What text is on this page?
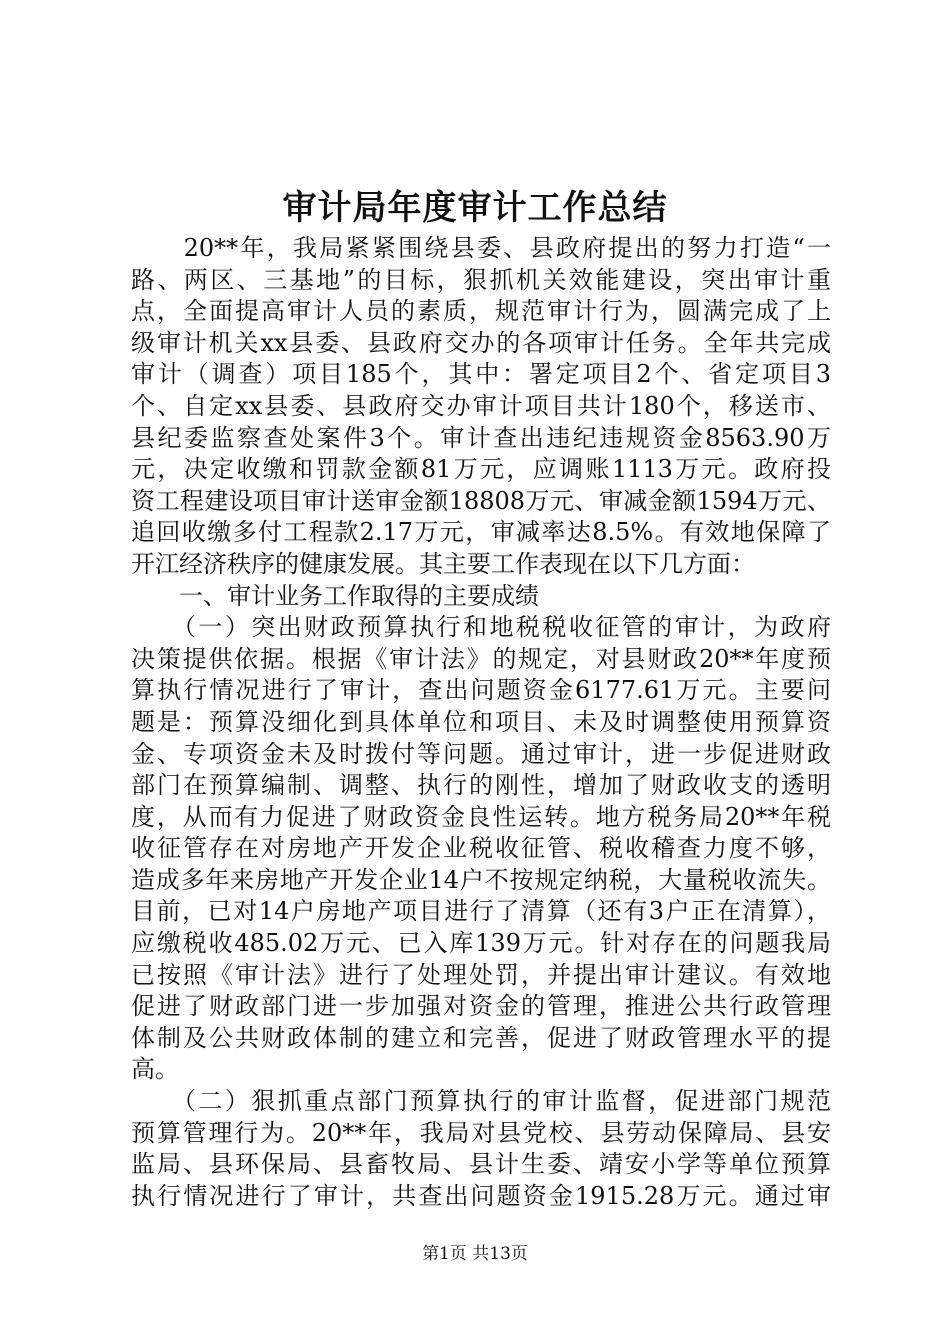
审计局年度审计工作总结
　　20**年，我局紧紧围绕县委、县政府提出的努力打造“一
路、两区、三基地”的目标，狠抓机关效能建设，突出审计重
点，全面提高审计人员的素质，规范审计行为，圆满完成了上
级审计机关xx县委、县政府交办的各项审计任务。全年共完成
审计（调查）项目185个，其中：署定项目2个、省定项目3
个、自定xx县委、县政府交办审计项目共计180个，移送市、
县纪委监察查处案件3个。审计查出违纪违规资金8563.90万
元，决定收缴和罚款金额81万元，应调账1113万元。政府投
资工程建设项目审计送审金额18808万元、审减金额1594万元、
追回收缴多付工程款2.17万元，审减率达8.5%。有效地保障了
开江经济秩序的健康发展。其主要工作表现在以下几方面：
　　一、审计业务工作取得的主要成绩
　　（一）突出财政预算执行和地税税收征管的审计，为政府
决策提供依据。根据《审计法》的规定，对县财政20**年度预
算执行情况进行了审计，查出问题资金6177.61万元。主要问
题是：预算没细化到具体单位和项目、未及时调整使用预算资
金、专项资金未及时拨付等问题。通过审计，进一步促进财政
部门在预算编制、调整、执行的刚性，增加了财政收支的透明
度，从而有力促进了财政资金良性运转。地方税务局20**年税
收征管存在对房地产开发企业税收征管、税收稽查力度不够，
造成多年来房地产开发企业14户不按规定纳税，大量税收流失。
目前，已对14户房地产项目进行了清算（还有3户正在清算），
应缴税收485.02万元、已入库139万元。针对存在的问题我局
已按照《审计法》进行了处理处罚，并提出审计建议。有效地
促进了财政部门进一步加强对资金的管理，推进公共行政管理
体制及公共财政体制的建立和完善，促进了财政管理水平的提
高。
　　（二）狠抓重点部门预算执行的审计监督，促进部门规范
预算管理行为。20**年，我局对县党校、县劳动保障局、县安
监局、县环保局、县畜牧局、县计生委、靖安小学等单位预算
执行情况进行了审计，共查出问题资金1915.28万元。通过审
第1页 共13页
